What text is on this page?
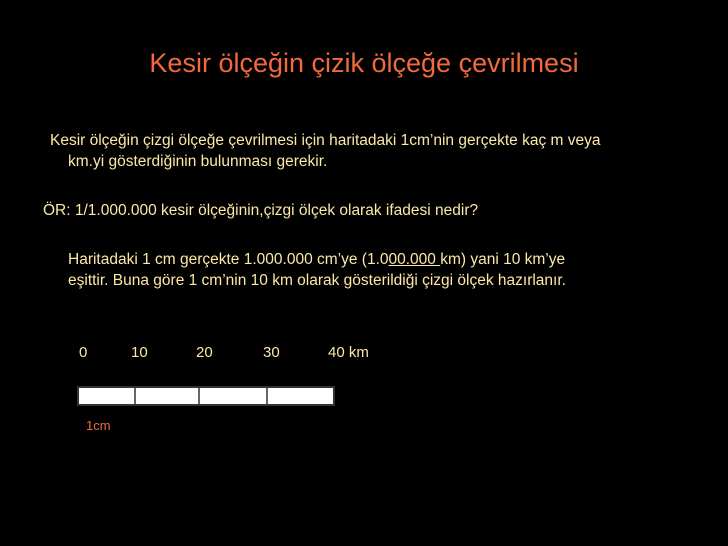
Kesir ölçeğin çizik ölçeğe çevrilmesi
Kesir ölçeğin çizgi ölçeğe çevrilmesi için haritadaki 1cm’nin gerçekte kaç m veya
km.yi gösterdiğinin bulunması gerekir.
ÖR: 1/1.000.000 kesir ölçeğinin,çizgi ölçek olarak ifadesi nedir?
Haritadaki 1 cm gerçekte 1.000.000 cm’ye (1.000.000 km) yani 10 km’ye
eşittir. Buna göre 1 cm’nin 10 km olarak gösterildiği çizgi ölçek hazırlanır.
0	10	20	30	40 km
1cm
